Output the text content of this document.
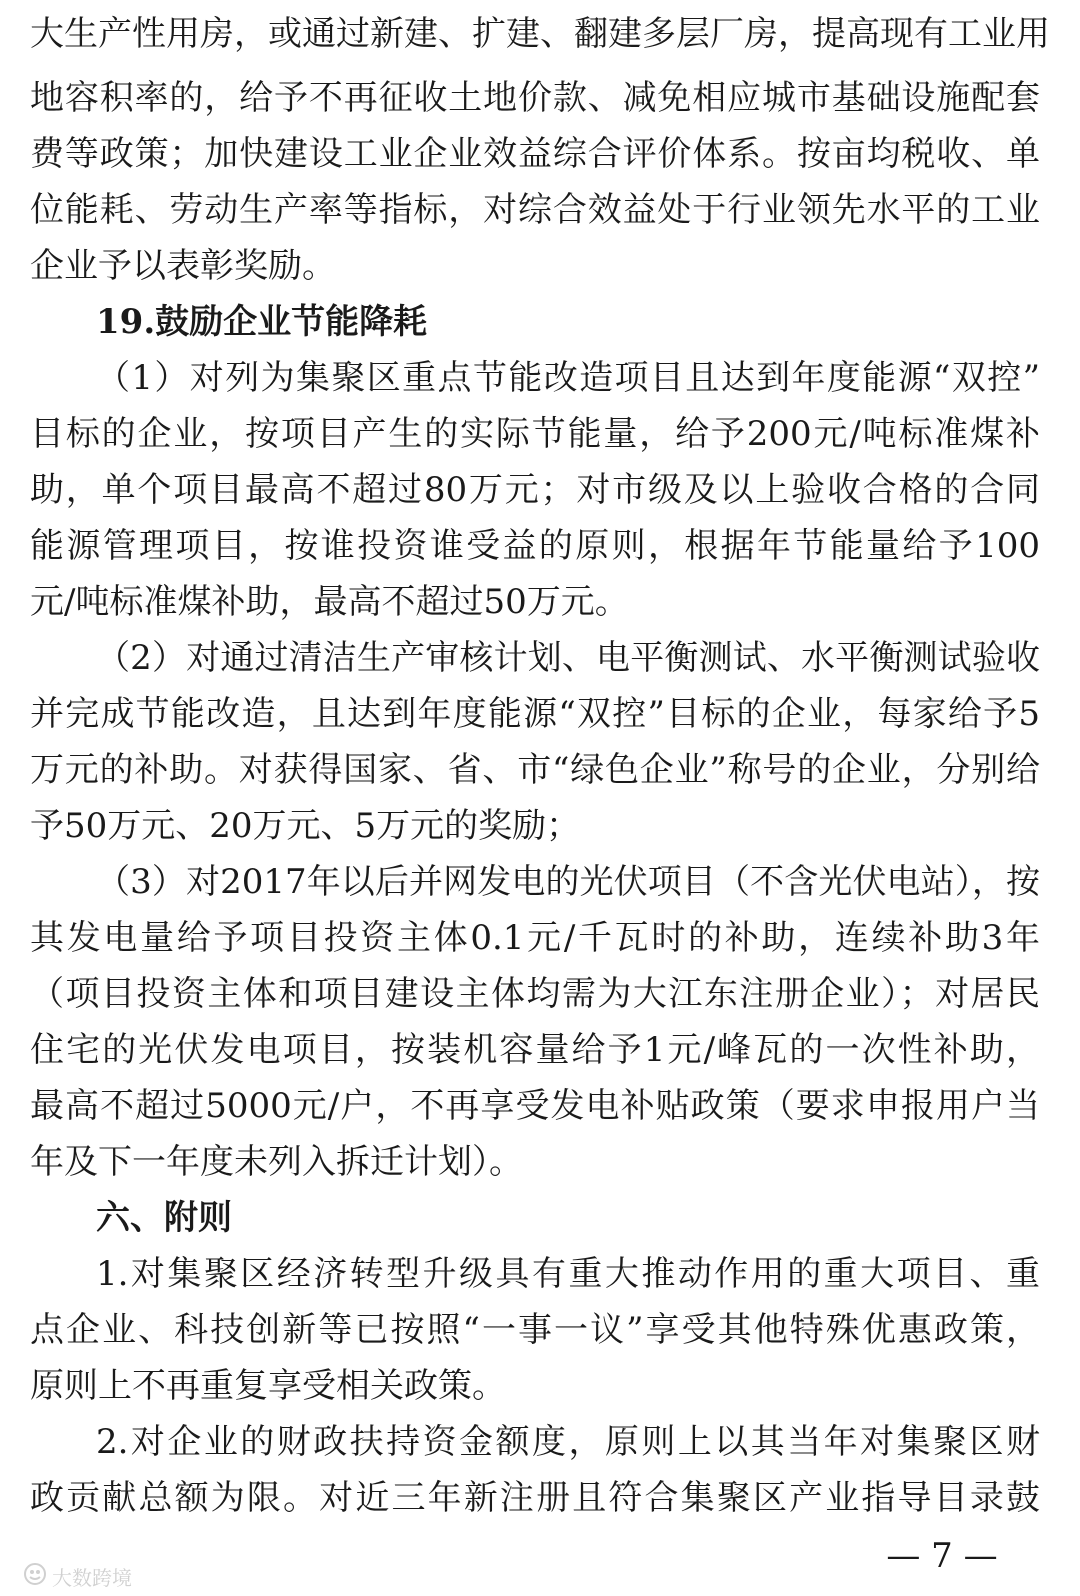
大生产性用房，或通过新建、扩建、翻建多层厂房，提高现有工业用
地容积率的，给予不再征收土地价款、减免相应城市基础设施配套
费等政策；加快建设工业企业效益综合评价体系。按亩均税收、单
位能耗、劳动生产率等指标，对综合效益处于行业领先水平的工业
企业予以表彰奖励。
19.鼓励企业节能降耗
（1）对列为集聚区重点节能改造项目且达到年度能源“双控”
目标的企业，按项目产生的实际节能量，给予200元/吨标准煤补
助，单个项目最高不超过80万元；对市级及以上验收合格的合同
能源管理项目，按谁投资谁受益的原则，根据年节能量给予100
元/吨标准煤补助，最高不超过50万元。
（2）对通过清洁生产审核计划、电平衡测试、水平衡测试验收
并完成节能改造，且达到年度能源“双控”目标的企业，每家给予5
万元的补助。对获得国家、省、市“绿色企业”称号的企业，分别给
予50万元、20万元、5万元的奖励；
（3）对2017年以后并网发电的光伏项目（不含光伏电站），按
其发电量给予项目投资主体0.1元/千瓦时的补助，连续补助3年
（项目投资主体和项目建设主体均需为大江东注册企业）；对居民
住宅的光伏发电项目，按装机容量给予1元/峰瓦的一次性补助，
最高不超过5000元/户，不再享受发电补贴政策（要求申报用户当
年及下一年度未列入拆迁计划）。
六、附则
1.对集聚区经济转型升级具有重大推动作用的重大项目、重
点企业、科技创新等已按照“一事一议”享受其他特殊优惠政策，
原则上不再重复享受相关政策。
2.对企业的财政扶持资金额度，原则上以其当年对集聚区财
政贡献总额为限。对近三年新注册且符合集聚区产业指导目录鼓
— 7 —
大数跨境
